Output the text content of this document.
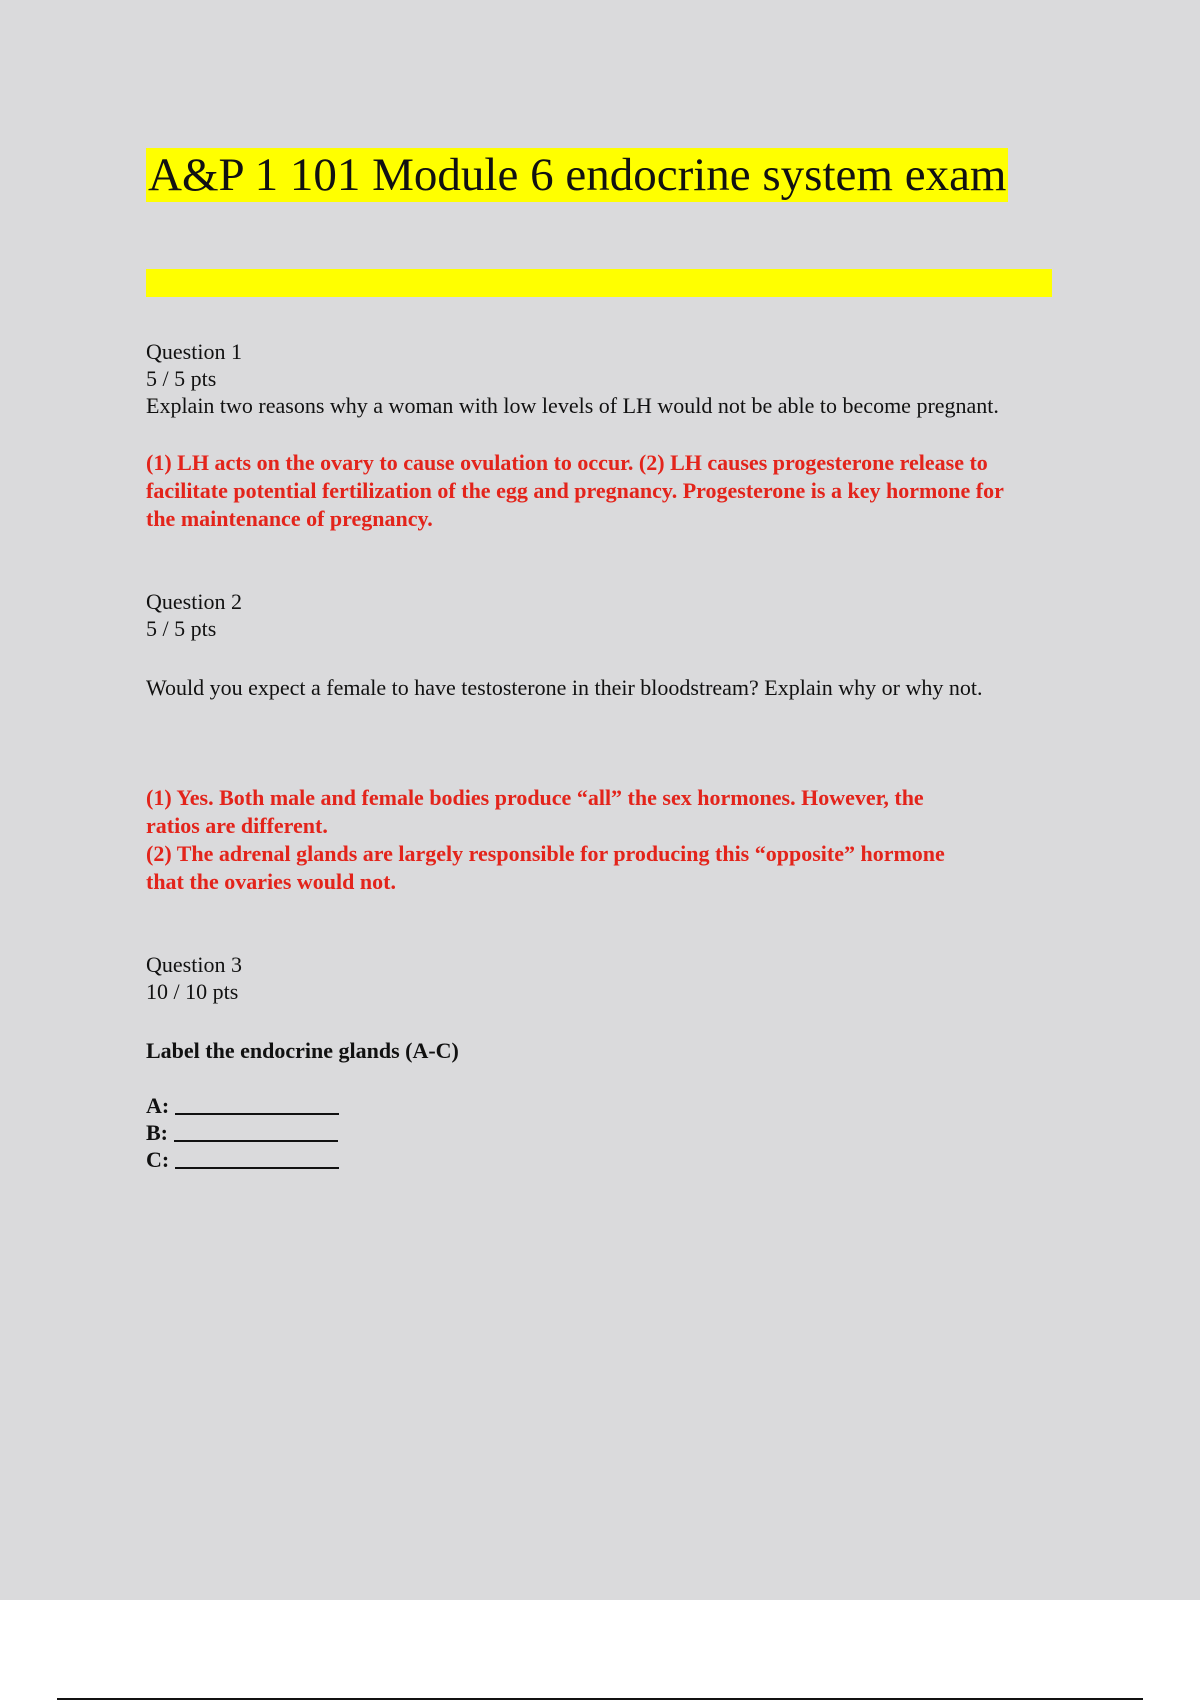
A&P 1 101 Module 6 endocrine system exam
Question 1
5 / 5 pts
Explain two reasons why a woman with low levels of LH would not be able to become pregnant.
(1) LH acts on the ovary to cause ovulation to occur. (2) LH causes progesterone release to
facilitate potential fertilization of the egg and pregnancy. Progesterone is a key hormone for
the maintenance of pregnancy.
Question 2
5 / 5 pts
Would you expect a female to have testosterone in their bloodstream? Explain why or why not.
(1) Yes. Both male and female bodies produce “all” the sex hormones. However, the
ratios are different.
(2) The adrenal glands are largely responsible for producing this “opposite” hormone
that the ovaries would not.
Question 3
10 / 10 pts
Label the endocrine glands (A-C)
A:
B:
C:
